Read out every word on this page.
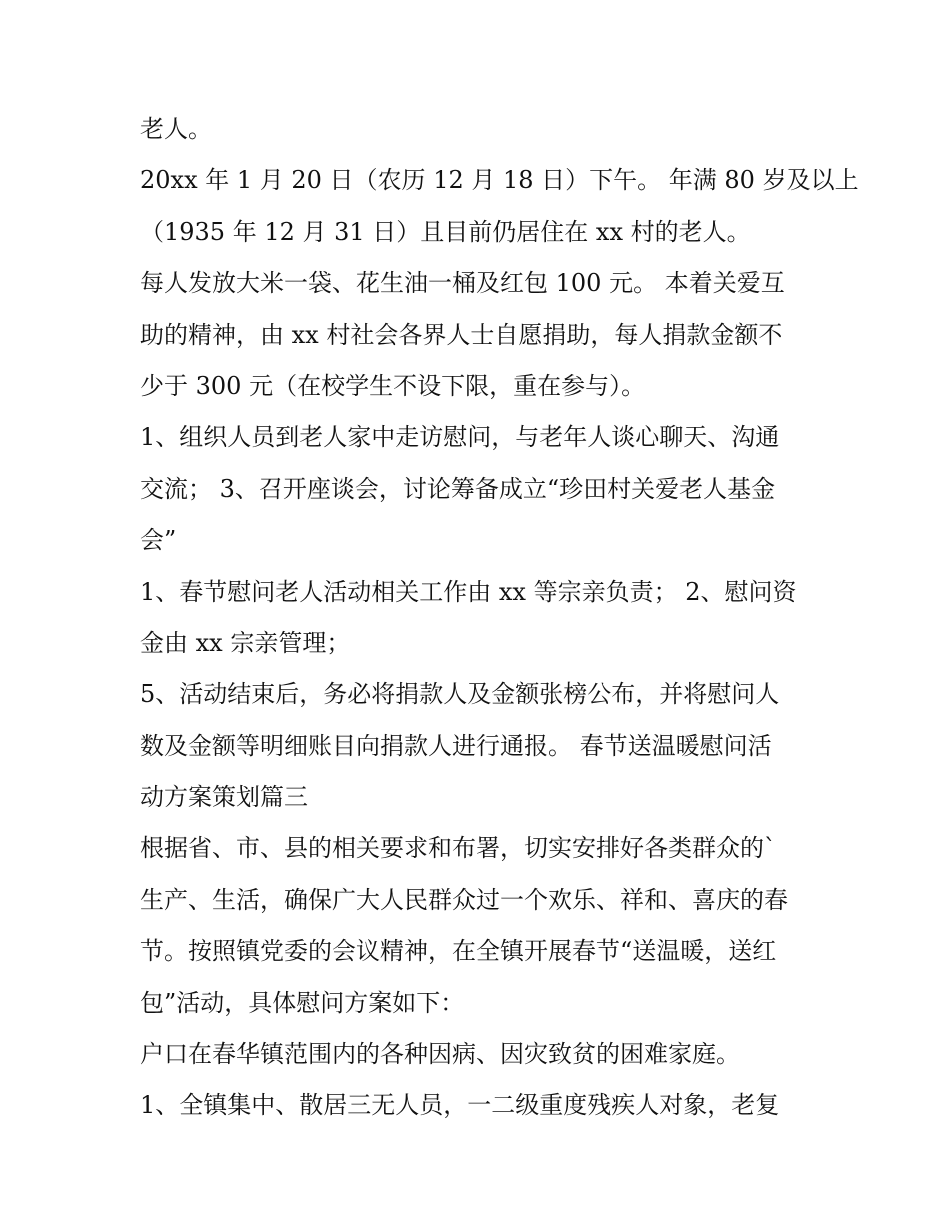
老人。
20xx 年 1 月 20 日（农历 12 月 18 日）下午。 年满 80 岁及以上
（1935 年 12 月 31 日）且目前仍居住在 xx 村的老人。
每人发放大米一袋、花生油一桶及红包 100 元。 本着关爱互
助的精神，由 xx 村社会各界人士自愿捐助，每人捐款金额不
少于 300 元（在校学生不设下限，重在参与）。
1、组织人员到老人家中走访慰问，与老年人谈心聊天、沟通
交流； 3、召开座谈会，讨论筹备成立“珍田村关爱老人基金
会”
1、春节慰问老人活动相关工作由 xx 等宗亲负责； 2、慰问资
金由 xx 宗亲管理；
5、活动结束后，务必将捐款人及金额张榜公布，并将慰问人
数及金额等明细账目向捐款人进行通报。 春节送温暖慰问活
动方案策划篇三
根据省、市、县的相关要求和布署，切实安排好各类群众的`
生产、生活，确保广大人民群众过一个欢乐、祥和、喜庆的春
节。按照镇党委的会议精神，在全镇开展春节“送温暖，送红
包”活动，具体慰问方案如下：
户口在春华镇范围内的各种因病、因灾致贫的困难家庭。
1、全镇集中、散居三无人员，一二级重度残疾人对象，老复
